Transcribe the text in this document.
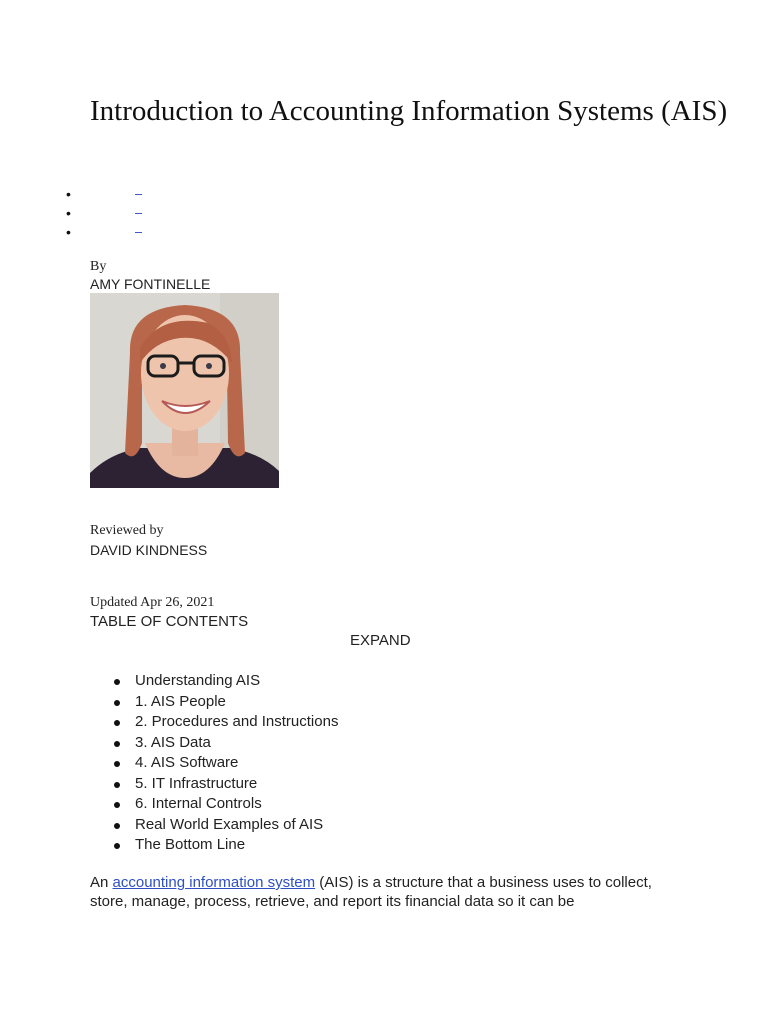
Introduction to Accounting Information Systems (AIS)
•
•
•
By
AMY FONTINELLE
Reviewed by
DAVID KINDNESS
Updated Apr 26, 2021
TABLE OF CONTENTS
EXPAND
Understanding AIS
1. AIS People
2. Procedures and Instructions
3. AIS Data
4. AIS Software
5. IT Infrastructure
6. Internal Controls
Real World Examples of AIS
The Bottom Line

An accounting information system (AIS) is a structure that a business uses to collect, store, manage, process, retrieve, and report its financial data so it can be
